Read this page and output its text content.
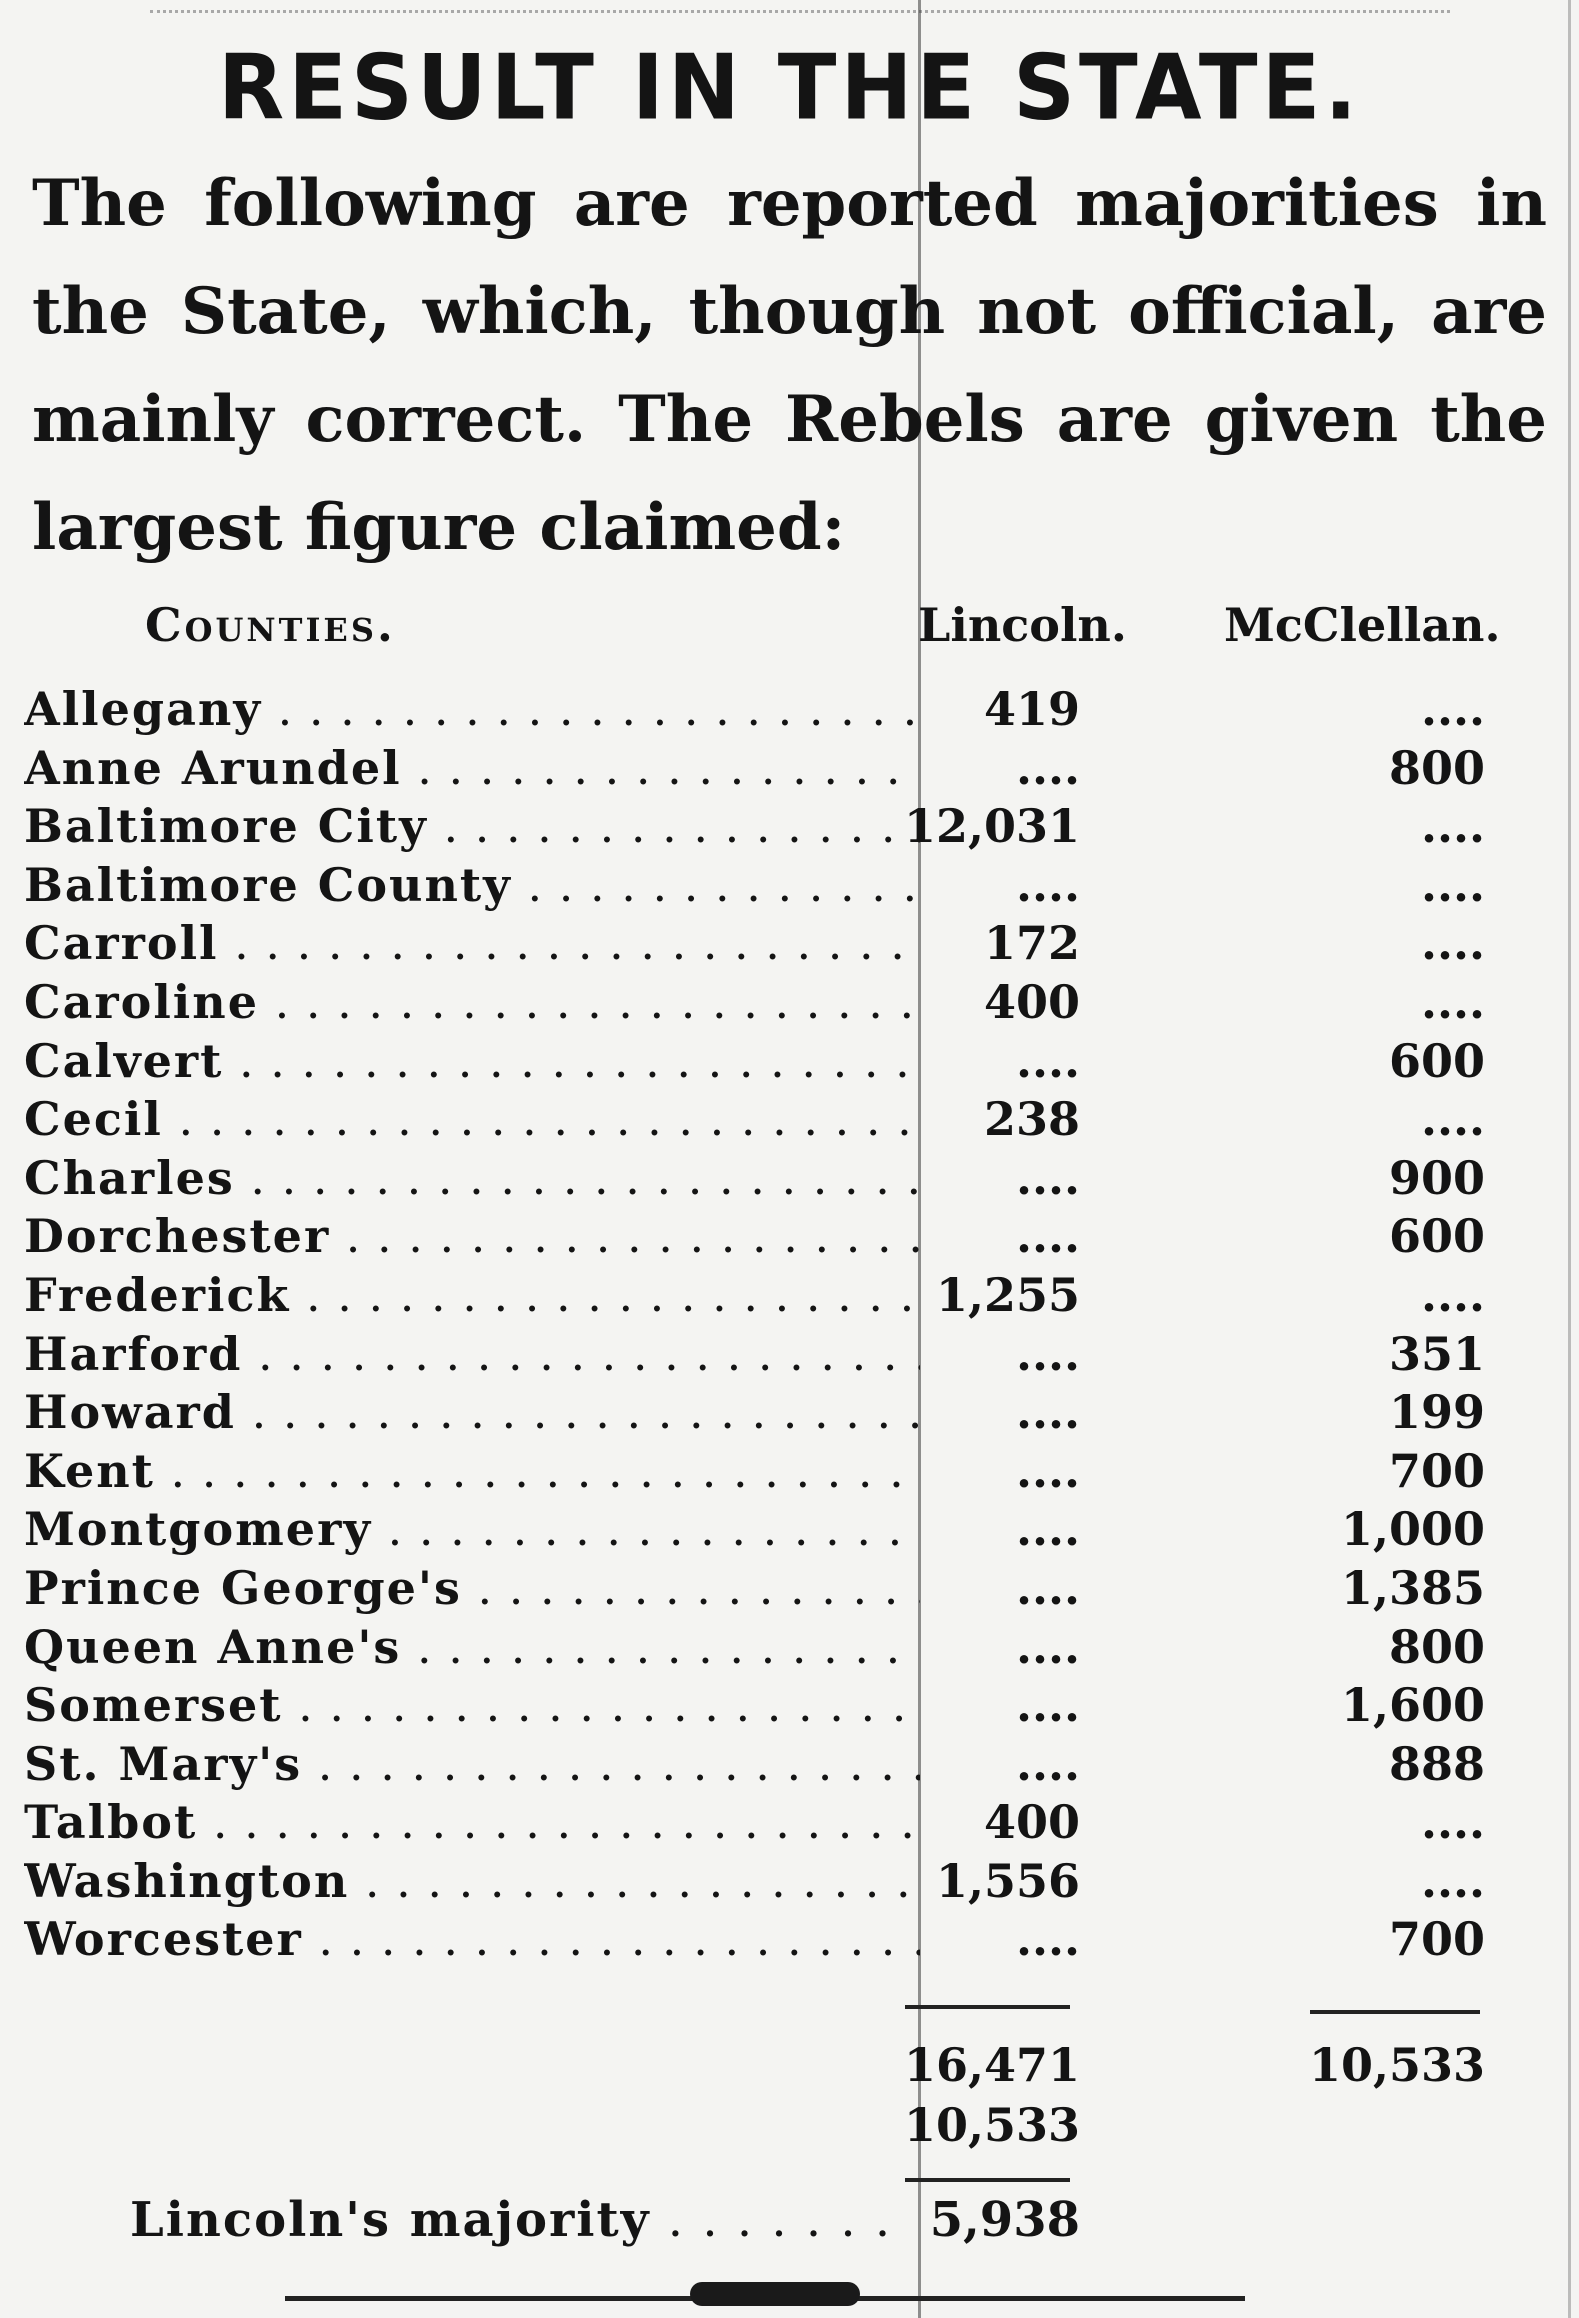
RESULT IN THE STATE.
The following are reported majorities in the State, which, though not official, are mainly correct. The Rebels are given the largest figure claimed:
Counties.	Lincoln. McClellan.
Allegany . . .	419	....
Anne Arundel . . .	....	800
Baltimore City . . .	12,031	....
Baltimore County . . .	....	....
Carroll . . .	172	....
Caroline . . .	400	....
Calvert . . .	....	600
Cecil . . .	238	....
Charles . . .	....	900
Dorchester . . .	....	600
Frederick . . .	1,255	....
Harford . . .	....	351
Howard . . .	....	199
Kent . . .	....	700
Montgomery . . .	....	1,000
Prince George's . . .	....	1,385
Queen Anne's . . .	....	800
Somerset . . .	....	1,600
St. Mary's . . .	....	888
Talbot . . .	400	....
Washington . . .	1,556	....
Worcester . . .	....	700
16,471	10,533
10,533
Lincoln's majority . . .	5,938
